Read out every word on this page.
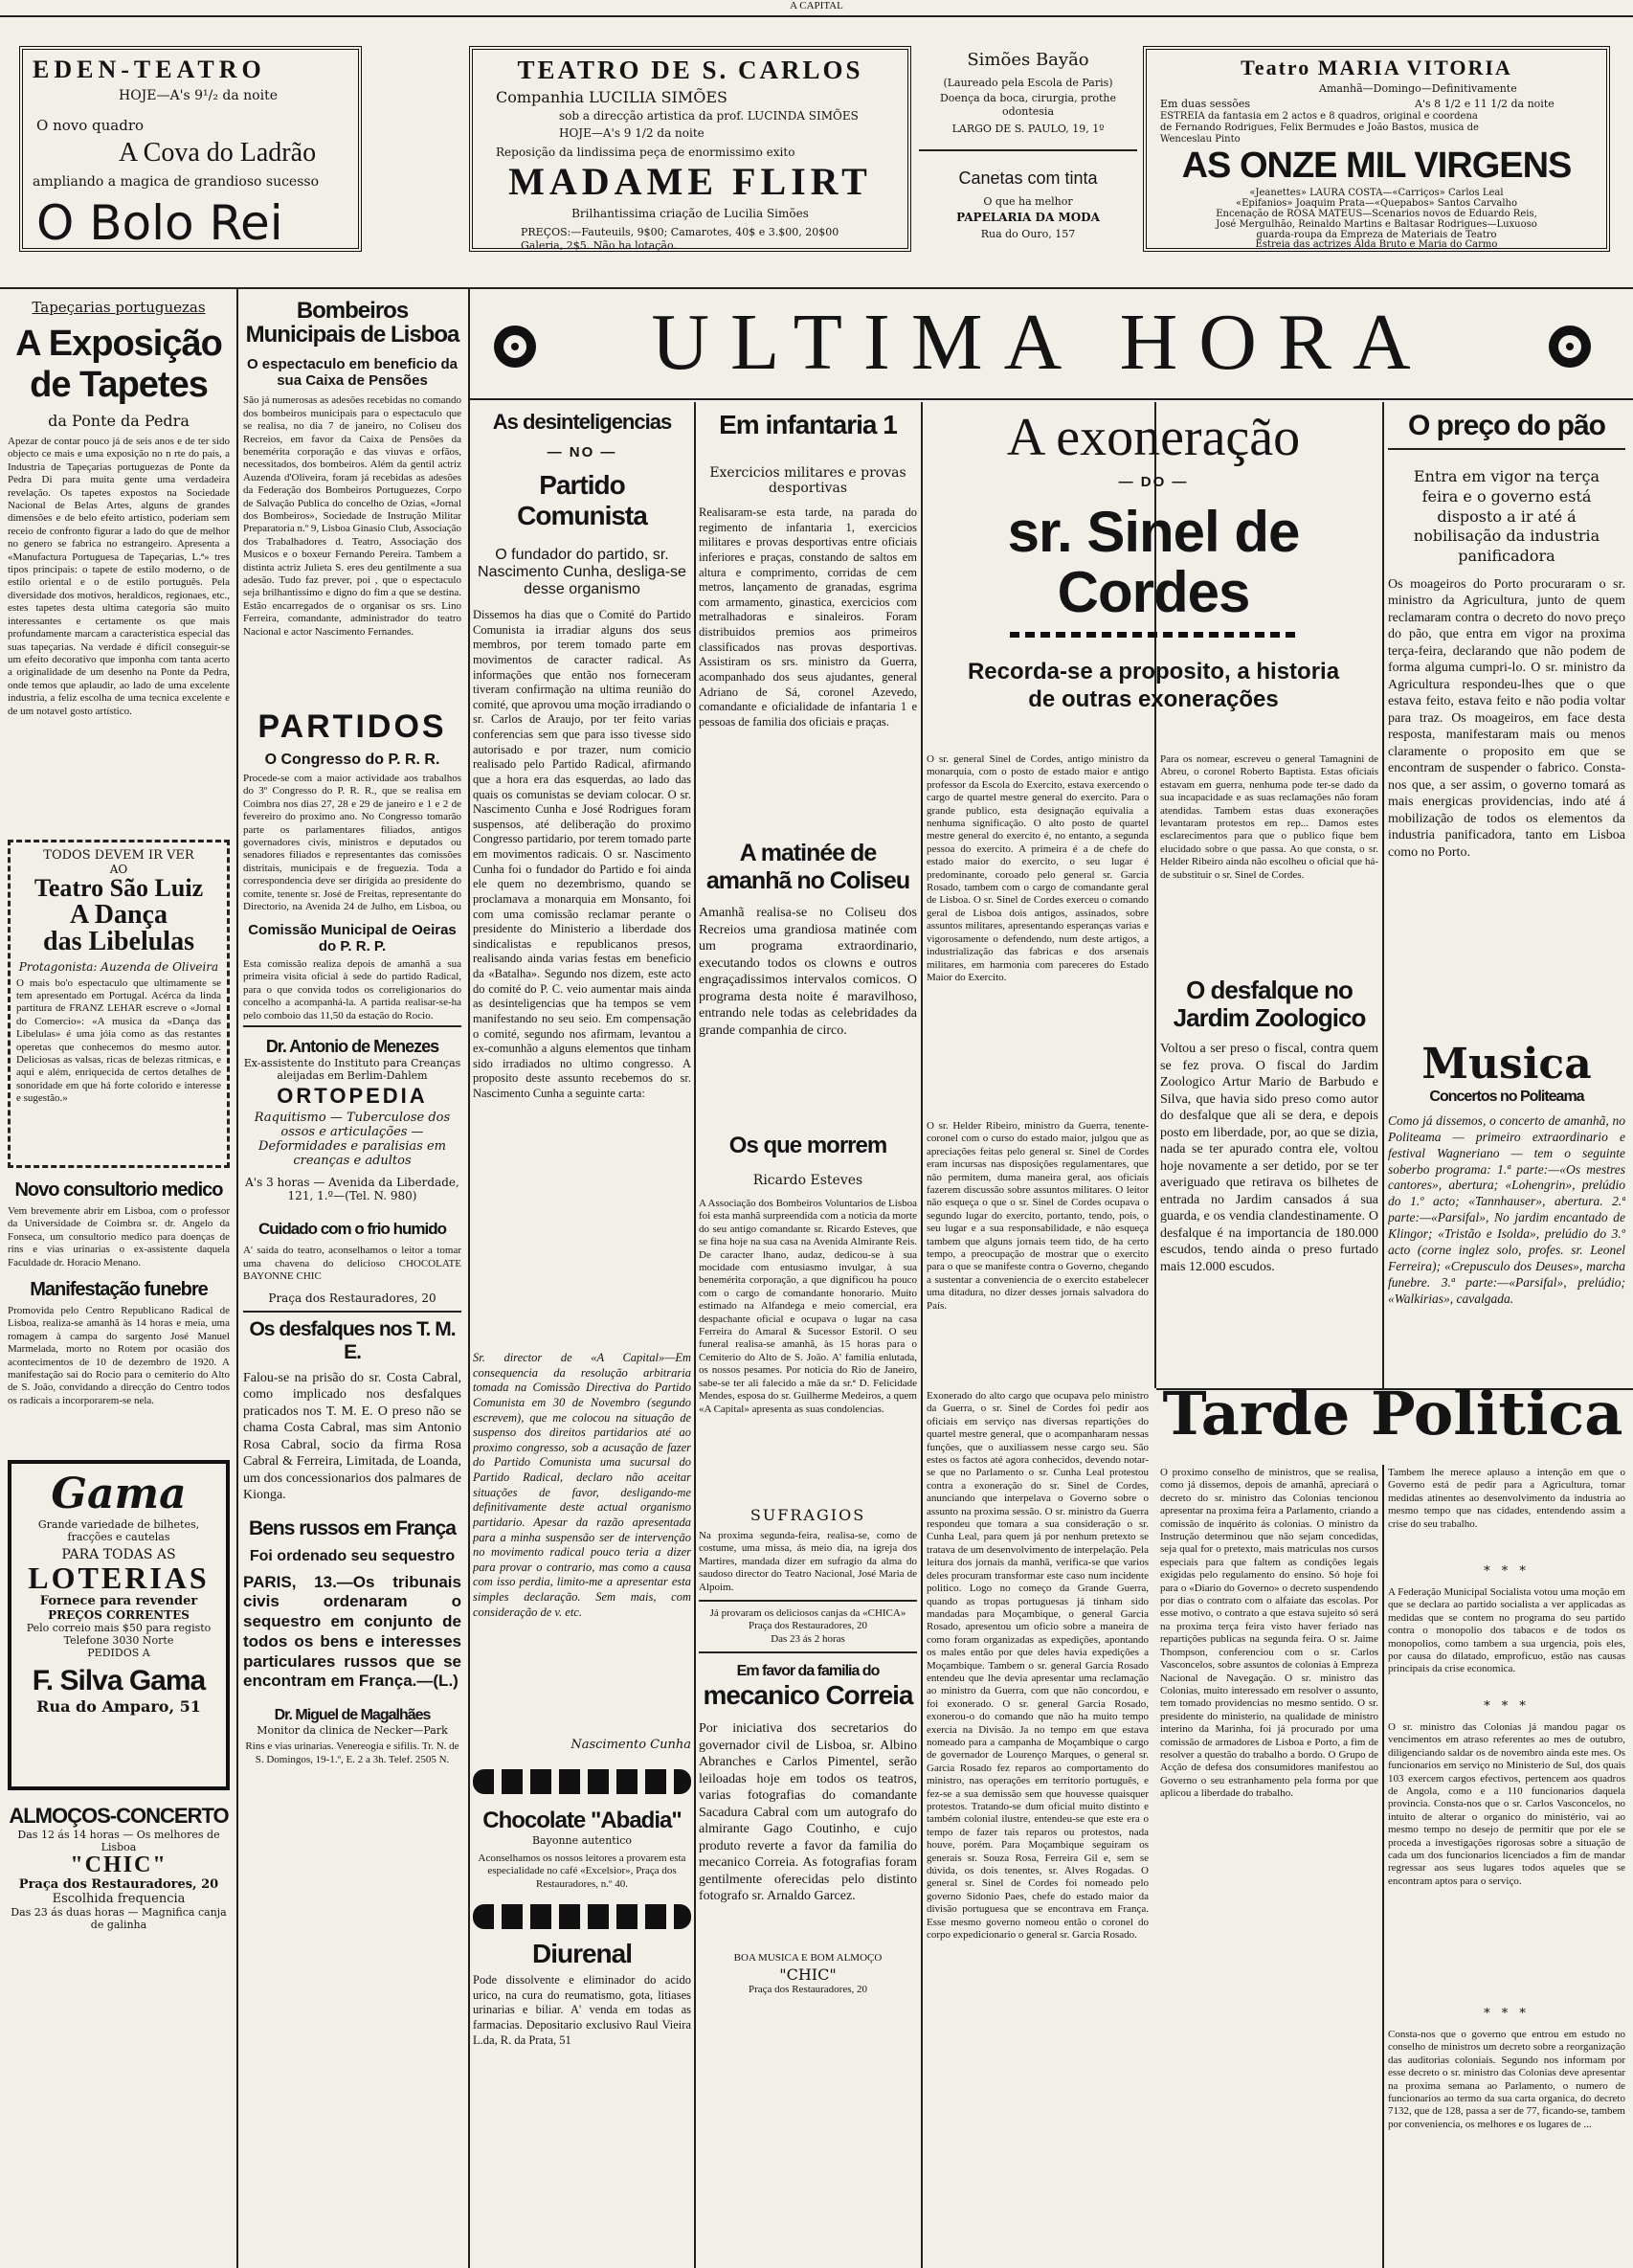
A CAPITAL
EDEN-TEATRO
HOJE—A's 9¹/₂ da noite
O novo quadro
A Cova do Ladrão
ampliando a magica de grandioso sucesso
O Bolo Rei
TEATRO DE S. CARLOS
Companhia LUCILIA SIMÕES
sob a direcção artistica da prof. LUCINDA SIMÕES
HOJE—A's 9 1/2 da noite
Reposição da lindissima peça de enormissimo exito
MADAME FLIRT
Brilhantissima criação de Lucilia Simões
PREÇOS:—Fauteuils, 9$00; Camarotes, 40$ e 3.$00, 20$00
Galeria, 2$5. Não ha lotação.
Simões Bayão
(Laureado pela Escola de Paris)
Doença da boca, cirurgia, prothe
odontesia
LARGO DE S. PAULO, 19, 1º
Canetas com tinta
O que ha melhor
PAPELARIA DA MODA
Rua do Ouro, 157
Teatro MARIA VITORIA
Amanhã—Domingo—Definitivamente
Em duas sessões	A's 8 1/2 e 11 1/2 da noite
ESTREIA da fantasia em 2 actos e 8 quadros, original e coordena
de Fernando Rodrigues, Felix Bermudes e João Bastos, musica de
Wenceslau Pinto
AS ONZE MIL VIRGENS
«Jeanettes» LAURA COSTA—«Carriços» Carlos Leal
«Epifanios» Joaquim Prata—«Quepabos» Santos Carvalho
Encenação de ROSA MATEUS—Scenarios novos de Eduardo Reis,
José Mergulhão, Reinaldo Martins e Baltasar Rodrigues—Luxuoso
guarda-roupa da Empreza de Materiais de Teatro
Estreia das actrizes Alda Bruto e Maria do Carmo
Tapeçarias portuguezas
A Exposição
de Tapetes
da Ponte da Pedra
Apezar de contar pouco já de seis anos e de ter sido objecto ce mais e uma exposição no n rte do país, a Industria de Tapeçarias portuguezas de Ponte da Pedra Di para muita gente uma verdadeira revelação. Os tapetes expostos na Sociedade Nacional de Belas Artes, alguns de grandes dimensões e de belo efeito artístico, poderiam sem receio de confronto figurar a lado do que de melhor no genero se fabrica no estrangeiro. Apresenta a «Manufactura Portuguesa de Tapeçarias, L.ª» tres tipos principais: o tapete de estilo moderno, o de estilo oriental e o de estilo português. Pela diversidade dos motivos, heraldicos, regionaes, etc., estes tapetes desta ultima categoria são muito interessantes e certamente os que mais profundamente marcam a característica especial das suas tapeçarias. Na verdade é difícil conseguir-se um efeito decorativo que imponha com tanta acerto a originalidade de um desenho na Ponte da Pedra, onde temos que aplaudir, ao lado de uma excelente industria, a feliz escolha de uma tecnica excelente e de um notavel gosto artístico.
TODOS DEVEM IR VER
AO
Teatro São Luiz
A Dança
das Libelulas
Protagonista: Auzenda de Oliveira
O mais bo'o espectaculo que ultimamente se tem apresentado em Portugal. Acérca da linda partitura de FRANZ LEHAR escreve o «Jornal do Comercio»: «A musica da «Dança das Libelulas» é uma jóia como as das restantes operetas que conhecemos do mesmo autor. Deliciosas as valsas, ricas de belezas ritmicas, e aqui e além, enriquecida de certos detalhes de sonoridade em que há forte colorido e interesse e sugestão.»
Novo consultorio medico
Vem brevemente abrir em Lisboa, com o professor da Universidade de Coimbra sr. dr. Angelo da Fonseca, um consultorio medico para doenças de rins e vias urinarias o ex-assistente daquela Faculdade dr. Horacio Menano.
Manifestação funebre
Promovida pelo Centro Republicano Radical de Lisboa, realiza-se amanhã às 14 horas e meia, uma romagem à campa do sargento José Manuel Marmelada, morto no Rotem por ocasião dos acontecimentos de 10 de dezembro de 1920. A manifestação sai do Rocio para o cemiterio do Alto de S. João, convidando a direcção do Centro todos os radicais a incorporarem-se nela.
Gama
Grande variedade de bilhetes, fracções e cautelas
PARA TODAS AS
LOTERIAS
Fornece para revender
PREÇOS CORRENTES
Pelo correio mais $50 para registo
Telefone 3030 Norte
PEDIDOS A
F. Silva Gama
Rua do Amparo, 51
ALMOÇOS-CONCERTO
Das 12 ás 14 horas — Os melhores de Lisboa
"CHIC"
Praça dos Restauradores, 20
Escolhida frequencia
Das 23 ás duas horas — Magnifica canja de galinha
Bombeiros Municipais de Lisboa
O espectaculo em beneficio da sua Caixa de Pensões
São já numerosas as adesões recebidas no comando dos bombeiros municipais para o espectaculo que se realisa, no dia 7 de janeiro, no Coliseu dos Recreios, em favor da Caixa de Pensões da benemérita corporação e das viuvas e orfãos, necessitados, dos bombeiros. Além da gentil actriz Auzenda d'Oliveira, foram já recebidas as adesões da Federação dos Bombeiros Portuguezes, Corpo de Salvação Publica do concelho de Ozias, «Jornal dos Bombeiros», Sociedade de Instrução Militar Preparatoria n.º 9, Lisboa Ginasio Club, Associação dos Trabalhadores d. Teatro, Associação dos Musicos e o boxeur Fernando Pereira. Tambem a distinta actriz Julieta S. eres deu gentilmente a sua adesão. Tudo faz prever, poi , que o espectaculo seja brilhantissimo e digno do fim a que se destina. Estão encarregados de o organisar os srs. Lino Ferreira, comandante, administrador do teatro Nacional e actor Nascimento Fernandes.
PARTIDOS
O Congresso do P. R. R.
Procede-se com a maior actividade aos trabalhos do 3º Congresso do P. R. R., que se realisa em Coimbra nos dias 27, 28 e 29 de janeiro e 1 e 2 de fevereiro do proximo ano. No Congresso tomarão parte os parlamentares filiados, antigos governadores civis, ministros e deputados ou senadores filiados e representantes das comissões distritais, municipais e de freguezia. Toda a correspondencia deve ser dirigida ao presidente do comite, tenente sr. José de Freitas, representante do Directorio, na Avenida 24 de Julho, em Lisboa, ou
Comissão Municipal de Oeiras do P. R. P.
Esta comissão realiza depois de amanhã a sua primeira visita oficial à sede do partido Radical, para o que convida todos os correligionarios do concelho a acompanhá-la. A partida realisar-se-ha pelo comboio das 11,50 da estação do Rocio.
Dr. Antonio de Menezes
Ex-assistente do Instituto para Creanças aleijadas em Berlim-Dahlem
ORTOPEDIA
Raquitismo — Tuberculose dos ossos e articulações — Deformidades e paralisias em creanças e adultos
A's 3 horas — Avenida da Liberdade, 121, 1.º—(Tel. N. 980)
Cuidado com o frio humido
A' saída do teatro, aconselhamos o leitor a tomar uma chavena do delicioso CHOCOLATE BAYONNE CHIC
Praça dos Restauradores, 20
Os desfalques nos T. M. E.
Falou-se na prisão do sr. Costa Cabral, como implicado nos desfalques praticados nos T. M. E. O preso não se chama Costa Cabral, mas sim Antonio Rosa Cabral, socio da firma Rosa Cabral & Ferreira, Limitada, de Loanda, um dos concessionarios dos palmares de Kionga.
Bens russos em França
Foi ordenado seu sequestro
PARIS, 13.—Os tribunais civis ordenaram o sequestro em conjunto de todos os bens e interesses particulares russos que se encontram em França.—(L.)
Dr. Miguel de Magalhães
Monitor da clinica de Necker—Park
Rins e vias urinarias. Venereogia e sifilis. Tr. N. de S. Domingos, 19-1.º, E. 2 a 3h. Telef. 2505 N.
ULTIMA HORA
As desinteligencias
— NO —
Partido Comunista
O fundador do partido, sr. Nascimento Cunha, desliga-se desse organismo
Dissemos ha dias que o Comité do Partido Comunista ia irradiar alguns dos seus membros, por terem tomado parte em movimentos de caracter radical. As informações que então nos forneceram tiveram confirmação na ultima reunião do comité, que aprovou uma moção irradiando o sr. Carlos de Araujo, por ter feito varias conferencias sem que para isso tivesse sido autorisado e por trazer, num comicio realisado pelo Partido Radical, afirmando que a hora era das esquerdas, ao lado das quais os comunistas se deviam colocar. O sr. Nascimento Cunha e José Rodrigues foram suspensos, até deliberação do proximo Congresso partidario, por terem tomado parte em movimentos radicais. O sr. Nascimento Cunha foi o fundador do Partido e foi ainda ele quem no dezembrismo, quando se proclamava a monarquia em Monsanto, foi com uma comissão reclamar perante o presidente do Ministerio a liberdade dos sindicalistas e republicanos presos, realisando ainda varias festas em beneficio da «Batalha». Segundo nos dizem, este acto do comité do P. C. veio aumentar mais ainda as desinteligencias que ha tempos se vem manifestando no seu seio. Em compensação o comité, segundo nos afirmam, levantou a ex-comunhão a alguns elementos que tinham sido irradiados no ultimo congresso. A proposito deste assunto recebemos do sr. Nascimento Cunha a seguinte carta:
Sr. director de «A Capital»—Em consequencia da resolução arbitraria tomada na Comissão Directiva do Partido Comunista em 30 de Novembro (segundo escrevem), que me colocou na situação de suspenso dos direitos partidarios até ao proximo congresso, sob a acusação de fazer do Partido Comunista uma sucursal do Partido Radical, declaro não aceitar situações de favor, desligando-me definitivamente deste actual organismo partidario. Apesar da razão apresentada para a minha suspensão ser de intervenção no movimento radical pouco teria a dizer para provar o contrario, mas como a causa com isso perdia, limito-me a apresentar esta simples declaração. Sem mais, com consideração de v. etc.
Nascimento Cunha
Chocolate "Abadia"
Bayonne autentico
Aconselhamos os nossos leitores a provarem esta especialidade no café «Excelsior», Praça dos Restauradores, n.º 40.
Diurenal
Pode dissolvente e eliminador do acido urico, na cura do reumatismo, gota, litiases urinarias e biliar. A' venda em todas as farmacias. Depositario exclusivo Raul Vieira L.da, R. da Prata, 51
Em infantaria 1
Exercicios militares e provas desportivas
Realisaram-se esta tarde, na parada do regimento de infantaria 1, exercicios militares e provas desportivas entre oficiais inferiores e praças, constando de saltos em altura e comprimento, corridas de cem metros, lançamento de granadas, esgrima com armamento, ginastica, exercicios com metralhadoras e sinaleiros. Foram distribuidos premios aos primeiros classificados nas provas desportivas. Assistiram os srs. ministro da Guerra, acompanhado dos seus ajudantes, general Adriano de Sá, coronel Azevedo, comandante e oficialidade de infantaria 1 e pessoas de familia dos oficiais e praças.
A matinée de amanhã no Coliseu
Amanhã realisa-se no Coliseu dos Recreios uma grandiosa matinée com um programa extraordinario, executando todos os clowns e outros engraçadissimos intervalos comicos. O programa desta noite é maravilhoso, entrando nele todas as celebridades da grande companhia de circo.
Os que morrem
Ricardo Esteves
A Associação dos Bombeiros Voluntarios de Lisboa foi esta manhã surpreendida com a noticia da morte do seu antigo comandante sr. Ricardo Esteves, que se fina hoje na sua casa na Avenida Almirante Reis. De caracter lhano, audaz, dedicou-se à sua mocidade com entusiasmo invulgar, à sua benemérita corporação, a que dignificou ha pouco com o cargo de comandante honorario. Muito estimado na Alfandega e meio comercial, era despachante oficial e ocupava o lugar na casa Ferreira do Amaral & Sucessor Estoril. O seu funeral realisa-se amanhã, às 15 horas para o Cemiterio do Alto de S. João. A' familia enlutada, os nossos pesames. Por noticia do Rio de Janeiro, sabe-se ter ali falecido a mãe da sr.ª D. Felicidade Mendes, esposa do sr. Guilherme Medeiros, a quem «A Capital» apresenta as suas condolencias.
SUFRAGIOS
Na proxima segunda-feira, realisa-se, como de costume, uma missa, ás meio dia, na igreja dos Martires, mandada dizer em sufragio da alma do saudoso director do Teatro Nacional, José Maria de Alpoim.
Já provaram os deliciosos canjas da «CHICA»
Praça dos Restauradores, 20
Das 23 ás 2 horas
Em favor da familia do
mecanico Correia
Por iniciativa dos secretarios do governador civil de Lisboa, sr. Albino Abranches e Carlos Pimentel, serão leiloadas hoje em todos os teatros, varias fotografias do comandante Sacadura Cabral com um autografo do almirante Gago Coutinho, e cujo produto reverte a favor da familia do mecanico Correia. As fotografias foram gentilmente oferecidas pelo distinto fotografo sr. Arnaldo Garcez.
BOA MUSICA E BOM ALMOÇO
"CHIC"
Praça dos Restauradores, 20
A exoneração
— DO —
sr. Sinel de Cordes
Recorda-se a proposito, a historia de outras exonerações
O sr. general Sinel de Cordes, antigo ministro da monarquia, com o posto de estado maior e antigo professor da Escola do Exercito, estava exercendo o cargo de quartel mestre general do exercito. Para o grande publico, esta designação equivalia a nenhuma significação. O alto posto de quartel mestre general do exercito é, no entanto, a segunda pessoa do exercito. A primeira é a de chefe do estado maior do exercito, o seu lugar é predominante, coroado pelo general sr. Garcia Rosado, tambem com o cargo de comandante geral de Lisboa. O sr. Sinel de Cordes exerceu o comando geral de Lisboa dois antigos, assinados, sobre assuntos militares, apresentando esperanças varias e vigorosamente o defendendo, num deste artigos, a industrialização das fabricas e dos arsenais militares, em harmonia com pareceres do Estado Maior do Exercito.
Para os nomear, escreveu o general Tamagnini de Abreu, o coronel Roberto Baptista. Estas oficiais estavam em guerra, nenhuma pode ter-se dado da sua incapacidade e as suas reclamações não foram atendidas. Tambem estas duas exonerações levantaram protestos em rep... Damos estes esclarecimentos para que o publico fique bem elucidado sobre o que passa. Ao que consta, o sr. Helder Ribeiro ainda não escolheu o oficial que há-de substituir o sr. Sinel de Cordes.
O sr. Helder Ribeiro, ministro da Guerra, tenente-coronel com o curso do estado maior, julgou que as apreciações feitas pelo general sr. Sinel de Cordes eram incursas nas disposições regulamentares, que não permitem, duma maneira geral, aos oficiais fazerem discussão sobre assuntos militares. O leitor não esqueça o que o sr. Sinel de Cordes ocupava o segundo lugar do exercito, portanto, tendo, pois, o seu lugar e a sua responsabilidade, e não esqueça tambem que alguns jornais teem tido, de ha certo tempo, a preocupação de mostrar que o exercito para o que se manifeste contra o Governo, chegando a sustentar a conveniencia de o exercito estabelecer uma ditadura, no dizer desses jornais salvadora do País.
Exonerado do alto cargo que ocupava pelo ministro da Guerra, o sr. Sinel de Cordes foi pedir aos oficiais em serviço nas diversas repartições do quartel mestre general, que o acompanharam nessas funções, que o auxiliassem nesse cargo seu. São estes os factos até agora conhecidos, devendo notar-se que no Parlamento o sr. Cunha Leal protestou contra a exoneração do sr. Sinel de Cordes, anunciando que interpelava o Governo sobre o assunto na proxima sessão. O sr. ministro da Guerra respondeu que tomara a sua consideração o sr. Cunha Leal, para quem já por nenhum pretexto se tratava de um desenvolvimento de interpelação. Pela leitura dos jornais da manhã, verifica-se que varios deles procuram transformar este caso num incidente politico. Logo no começo da Grande Guerra, quando as tropas portuguesas já tinham sido mandadas para Moçambique, o general Garcia Rosado, apresentou um oficio sobre a maneira de como foram organizadas as expedições, apontando os males então por que deles havia expedições a Moçambique. Tambem o sr. general Garcia Rosado entendeu que lhe devia apresentar uma reclamação ao ministro da Guerra, com que não concordou, e foi exonerado. O sr. general Garcia Rosado, exonerou-o do comando que não ha muito tempo exercia na Divisão. Ja no tempo em que estava nomeado para a campanha de Moçambique o cargo de governador de Lourenço Marques, o general sr. Garcia Rosado fez reparos ao comportamento do ministro, nas operações em territorio português, e fez-se a sua demissão sem que houvesse quaisquer protestos. Tratando-se dum oficial muito distinto e também colonial ilustre, entendeu-se que este era o tempo de fazer tais reparos ou protestos, nada houve, porém. Para Moçambique seguiram os generais sr. Souza Rosa, Ferreira Gil e, sem se dúvida, os dois tenentes, sr. Alves Rogadas. O general sr. Sinel de Cordes foi nomeado pelo governo Sidonio Paes, chefe do estado maior da divisão portuguesa que se encontrava em França. Esse mesmo governo nomeou então o coronel do corpo expedicionario o general sr. Garcia Rosado.
O desfalque no Jardim Zoologico
Voltou a ser preso o fiscal, contra quem se fez prova. O fiscal do Jardim Zoologico Artur Mario de Barbudo e Silva, que havia sido preso como autor do desfalque que ali se dera, e depois posto em liberdade, por, ao que se dizia, nada se ter apurado contra ele, voltou hoje novamente a ser detido, por se ter averiguado que retirava os bilhetes de entrada no Jardim cansados á sua guarda, e os vendia clandestinamente. O desfalque é na importancia de 180.000 escudos, tendo ainda o preso furtado mais 12.000 escudos.
O preço do pão
Entra em vigor na terça feira e o governo está disposto a ir até á nobilisação da industria panificadora
Os moageiros do Porto procuraram o sr. ministro da Agricultura, junto de quem reclamaram contra o decreto do novo preço do pão, que entra em vigor na proxima terça-feira, declarando que não podem de forma alguma cumpri-lo. O sr. ministro da Agricultura respondeu-lhes que o que estava feito, estava feito e não podia voltar para traz. Os moageiros, em face desta resposta, manifestaram mais ou menos claramente o proposito em que se encontram de suspender o fabrico. Consta-nos que, a ser assim, o governo tomará as mais energicas providencias, indo até á mobilização de todos os elementos da industria panificadora, tanto em Lisboa como no Porto.
Musica
Concertos no Politeama
Como já dissemos, o concerto de amanhã, no Politeama — primeiro extraordinario e festival Wagneriano — tem o seguinte soberbo programa: 1.ª parte:—«Os mestres cantores», abertura; «Lohengrin», prelúdio do 1.º acto; «Tannhauser», abertura. 2.ª parte:—«Parsifal», No jardim encantado de Klingor; «Tristão e Isolda», prelúdio do 3.º acto (corne inglez solo, profes. sr. Leonel Ferreira); «Crepusculo dos Deuses», marcha funebre. 3.ª parte:—«Parsifal», prelúdio; «Walkirias», cavalgada.
Tarde Politica
O proximo conselho de ministros, que se realisa, como já dissemos, depois de amanhã, apreciará o decreto do sr. ministro das Colonias tencionou apresentar na proxima feira a Parlamento, criando a comissão de inquérito ás colonias. O ministro da Instrução determinou que não sejam concedidas, seja qual for o pretexto, mais matriculas nos cursos especiais para que faltem as condições legais exigidas pelo regulamento do ensino. Só hoje foi para o «Diario do Governo» o decreto suspendendo por dias o contrato com o alfaiate das escolas. Por esse motivo, o contrato a que estava sujeito só será na proxima terça feira visto haver feriado nas repartições publicas na segunda feira. O sr. Jaime Thompson, conferenciou com o sr. Carlos Vasconcelos, sobre assuntos de colonias à Empreza Nacional de Navegação. O sr. ministro das Colonias, muito interessado em resolver o assunto, tem tomado providencias no mesmo sentido. O sr. presidente do ministerio, na qualidade de ministro interino da Marinha, foi já procurado por uma comissão de armadores de Lisboa e Porto, a fim de resolver a questão do trabalho a bordo. O Grupo de Acção de defesa dos consumidores manifestou ao Governo o seu estranhamento pela forma por que aplicou a liberdade do trabalho.
Tambem lhe merece aplauso a intenção em que o Governo está de pedir para a Agricultura, tomar medidas atinentes ao desenvolvimento da industria ao mesmo tempo que nas cidades, entendendo assim a crise do seu trabalho.
* * *
A Federação Municipal Socialista votou uma moção em que se declara ao partido socialista a ver applicadas as medidas que se contem no programa do seu partido contra o monopolio dos tabacos e de todos os monopolios, como tambem a sua urgencia, pois eles, por causa do dilatado, emproficuo, estão nas causas principais da crise economica.
* * *
O sr. ministro das Colonias já mandou pagar os vencimentos em atraso referentes ao mes de outubro, diligenciando saldar os de novembro ainda este mes. Os funcionarios em serviço no Ministerio de Sul, dos quais 103 exercem cargos efectivos, pertencem aos quadros de Angola, como e a 110 funcionarios daquela provincia. Consta-nos que o sr. Carlos Vasconcelos, no intuito de alterar o organico do ministério, vai ao mesmo tempo no desejo de permitir que por ele se proceda a investigações rigorosas sobre a situação de cada um dos funcionarios licenciados a fim de mandar regressar aos seus lugares todos aqueles que se encontram aptos para o serviço.
* * *
Consta-nos que o governo que entrou em estudo no conselho de ministros um decreto sobre a reorganização das auditorias coloniais. Segundo nos informam por esse decreto o sr. ministro das Colonias deve apresentar na proxima semana ao Parlamento, o numero de funcionarios ao termo da sua carta organica, do decreto 7132, que de 128, passa a ser de 77, ficando-se, tambem por conveniencia, os melhores e os lugares de ...
